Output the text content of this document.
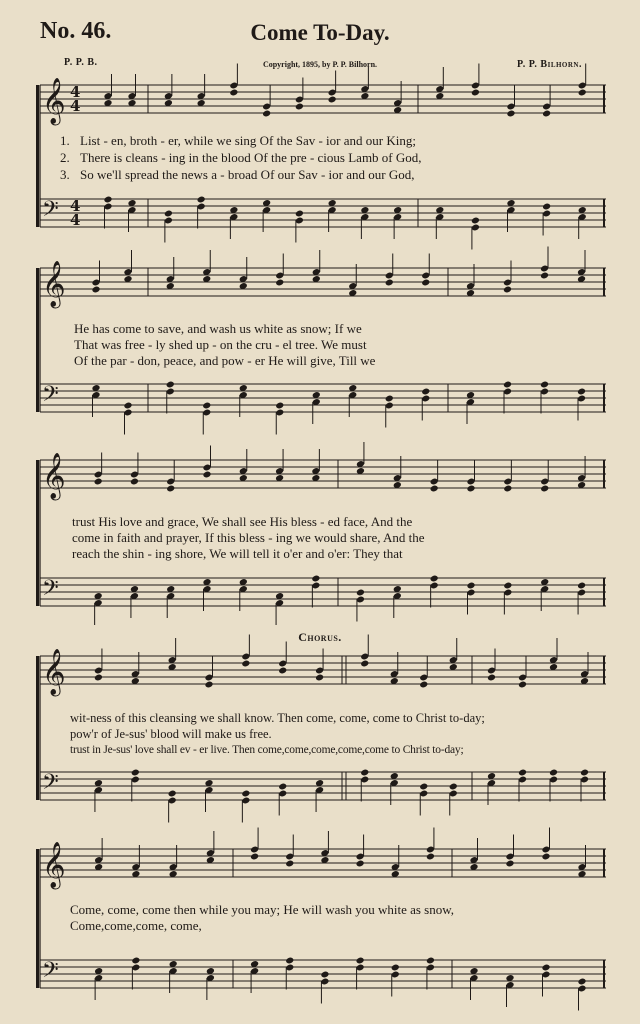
No. 46.	Come To-Day.
P. P. B.	Copyright, 1895, by P. P. Bilhorn.	P. P. Bilhorn.
Chorus.
𝄞
𝄢
4
4
4
4
𝄞
𝄢
𝄞
𝄢
𝄞
𝄢
𝄞
𝄢
1. List - en, broth - er, while we sing Of the Sav - ior and our King;
2. There is cleans - ing in the blood Of the pre - cious Lamb of God,
3. So we'll spread the news a - broad Of our Sav - ior and our God,
He has come to save, and wash us white as snow; If we
That was free - ly shed up - on the cru - el tree. We must
Of the par - don, peace, and pow - er He will give, Till we
trust His love and grace, We shall see His bless - ed face, And the
come in faith and prayer, If this bless - ing we would share, And the
reach the shin - ing shore, We will tell it o'er and o'er: They that
wit-ness of this cleansing we shall know. Then come, come, come to Christ to-day;
pow'r of Je-sus' blood will make us free.
trust in Je-sus' love shall ev - er live. Then come,come,come,come,come to Christ to-day;
Come, come, come then while you may; He will wash you white as snow,
Come,come,come, come,
